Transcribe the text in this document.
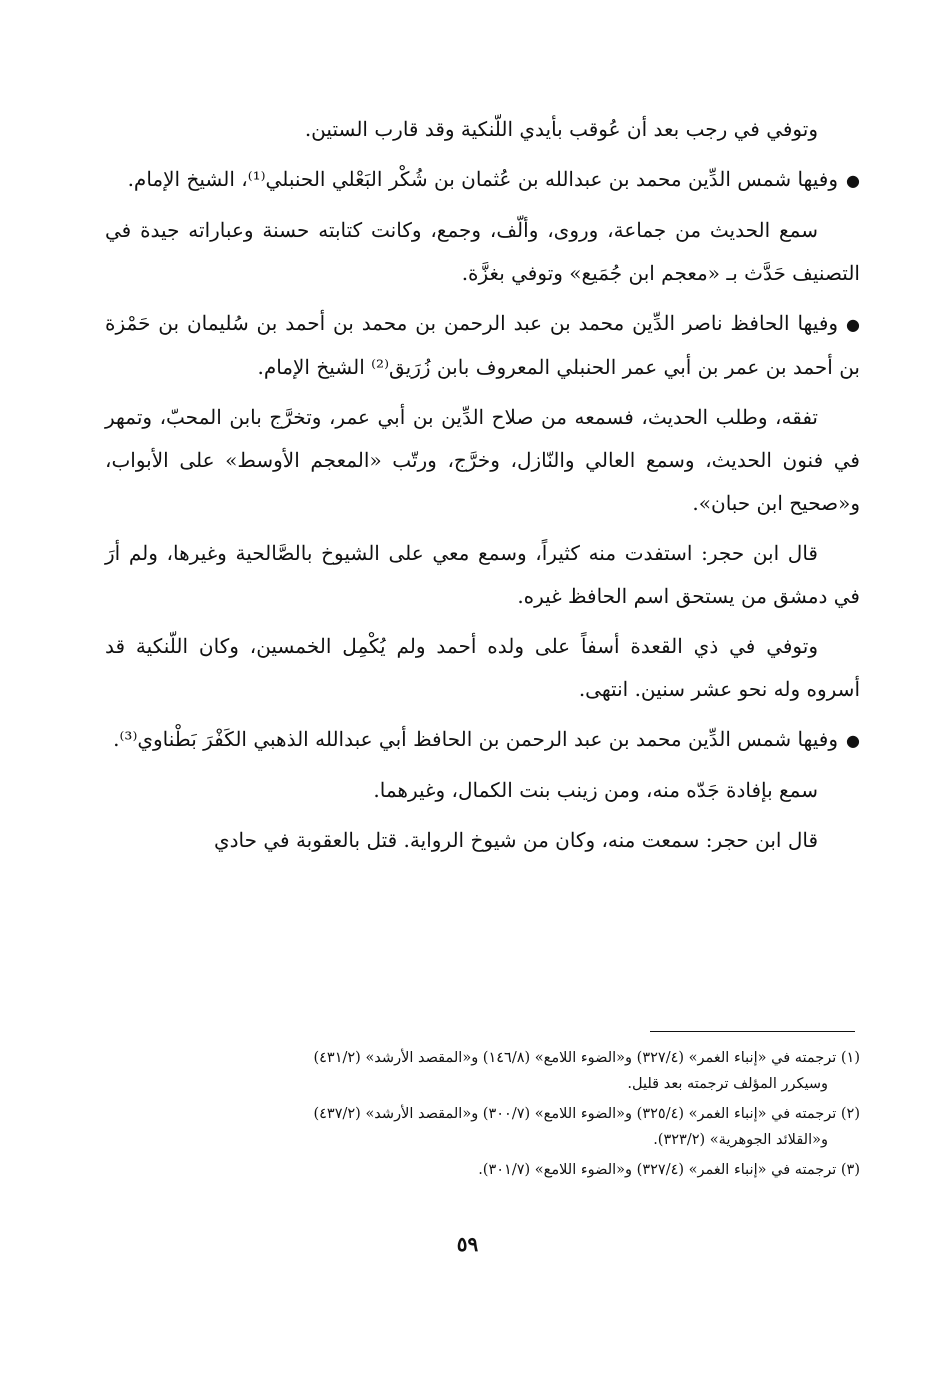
وتوفي في رجب بعد أن عُوقب بأيدي اللّنكية وقد قارب الستين.

●وفيها شمس الدِّين محمد بن عبدالله بن عُثمان بن شُكْر البَعْلي الحنبلي⁽¹⁾، الشيخ الإمام.

سمع الحديث من جماعة، وروى، وألّف، وجمع، وكانت كتابته حسنة وعباراته جيدة في التصنيف حَدَّث بـ «معجم ابن جُمَيع» وتوفي بغزَّة.

●وفيها الحافظ ناصر الدِّين محمد بن عبد الرحمن بن محمد بن أحمد بن سُليمان بن حَمْزة بن أحمد بن عمر بن أبي عمر الحنبلي المعروف بابن زُرَيق⁽²⁾ الشيخ الإمام.

تفقه، وطلب الحديث، فسمعه من صلاح الدِّين بن أبي عمر، وتخرَّج بابن المحبّ، وتمهر في فنون الحديث، وسمع العالي والنّازل، وخرَّج، ورتّب «المعجم الأوسط» على الأبواب، و«صحيح ابن حبان».

قال ابن حجر: استفدت منه كثيراً، وسمع معي على الشيوخ بالصَّالحية وغيرها، ولم أرَ في دمشق من يستحق اسم الحافظ غيره.

وتوفي في ذي القعدة أسفاً على ولده أحمد ولم يُكْمِل الخمسين، وكان اللّنكية قد أسروه وله نحو عشر سنين. انتهى.

●وفيها شمس الدِّين محمد بن عبد الرحمن بن الحافظ أبي عبدالله الذهبي الكَفْرَ بَطْناوي⁽³⁾.

سمع بإفادة جَدّه منه، ومن زينب بنت الكمال، وغيرهما.

قال ابن حجر: سمعت منه، وكان من شيوخ الرواية. قتل بالعقوبة في حادي

(١) ترجمته في «إنباء الغمر» (٣٢٧/٤) و«الضوء اللامع» (١٤٦/٨) و«المقصد الأرشد» (٤٣١/٢)
وسيكرر المؤلف ترجمته بعد قليل.
(٢) ترجمته في «إنباء الغمر» (٣٢٥/٤) و«الضوء اللامع» (٣٠٠/٧) و«المقصد الأرشد» (٤٣٧/٢)
و«القلائد الجوهرية» (٣٢٣/٢).
(٣) ترجمته في «إنباء الغمر» (٣٢٧/٤) و«الضوء اللامع» (٣٠١/٧).
٥٩
